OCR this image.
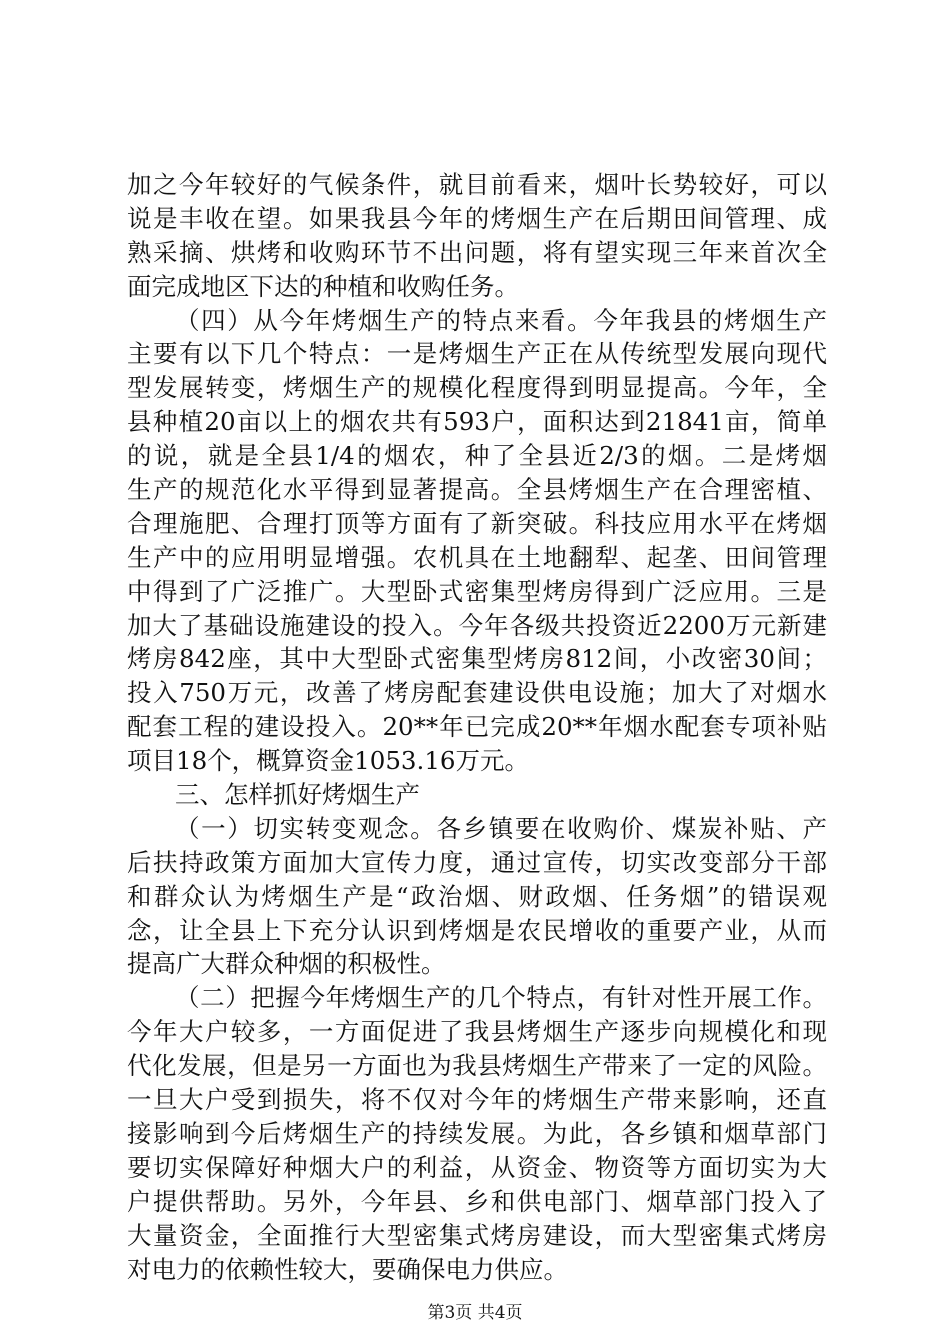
加之今年较好的气候条件，就目前看来，烟叶长势较好，可以
说是丰收在望。如果我县今年的烤烟生产在后期田间管理、成
熟采摘、烘烤和收购环节不出问题，将有望实现三年来首次全
面完成地区下达的种植和收购任务。
（四）从今年烤烟生产的特点来看。今年我县的烤烟生产
主要有以下几个特点：一是烤烟生产正在从传统型发展向现代
型发展转变，烤烟生产的规模化程度得到明显提高。今年，全
县种植20亩以上的烟农共有593户，面积达到21841亩，简单
的说，就是全县1/4的烟农，种了全县近2/3的烟。二是烤烟
生产的规范化水平得到显著提高。全县烤烟生产在合理密植、
合理施肥、合理打顶等方面有了新突破。科技应用水平在烤烟
生产中的应用明显增强。农机具在土地翻犁、起垄、田间管理
中得到了广泛推广。大型卧式密集型烤房得到广泛应用。三是
加大了基础设施建设的投入。今年各级共投资近2200万元新建
烤房842座，其中大型卧式密集型烤房812间，小改密30间；
投入750万元，改善了烤房配套建设供电设施；加大了对烟水
配套工程的建设投入。20**年已完成20**年烟水配套专项补贴
项目18个，概算资金1053.16万元。
三、怎样抓好烤烟生产
（一）切实转变观念。各乡镇要在收购价、煤炭补贴、产
后扶持政策方面加大宣传力度，通过宣传，切实改变部分干部
和群众认为烤烟生产是“政治烟、财政烟、任务烟”的错误观
念，让全县上下充分认识到烤烟是农民增收的重要产业，从而
提高广大群众种烟的积极性。
（二）把握今年烤烟生产的几个特点，有针对性开展工作。
今年大户较多，一方面促进了我县烤烟生产逐步向规模化和现
代化发展，但是另一方面也为我县烤烟生产带来了一定的风险。
一旦大户受到损失，将不仅对今年的烤烟生产带来影响，还直
接影响到今后烤烟生产的持续发展。为此，各乡镇和烟草部门
要切实保障好种烟大户的利益，从资金、物资等方面切实为大
户提供帮助。另外，今年县、乡和供电部门、烟草部门投入了
大量资金，全面推行大型密集式烤房建设，而大型密集式烤房
对电力的依赖性较大，要确保电力供应。
第3页 共4页
